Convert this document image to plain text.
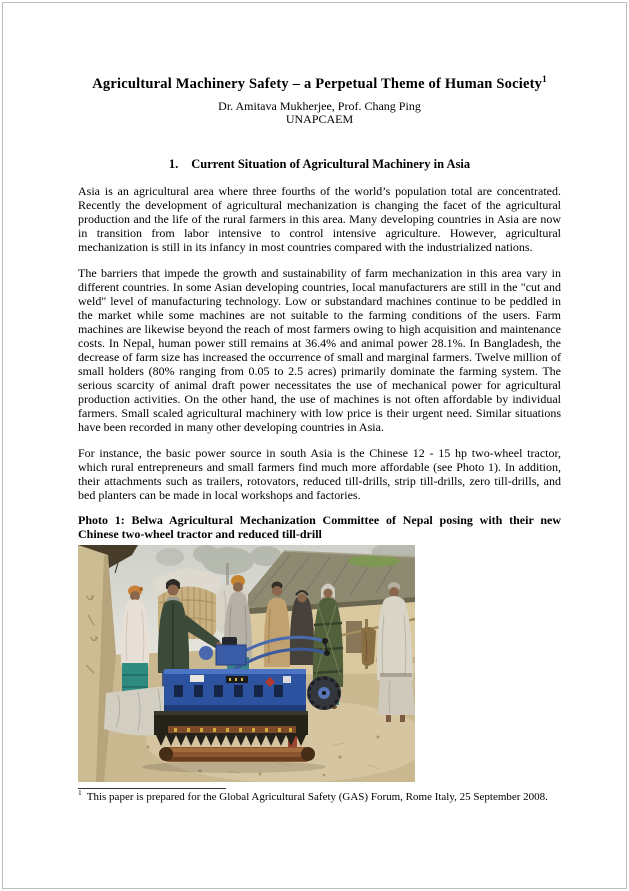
Agricultural Machinery Safety – a Perpetual Theme of Human Society$^1$
Dr. Amitava Mukherjee, Prof. Chang Ping
UNAPCAEM
1. Current Situation of Agricultural Machinery in Asia

Asia is an agricultural area where three fourths of the world’s population total are concentrated. Recently the development of agricultural mechanization is changing the facet of the agricultural production and the life of the rural farmers in this area. Many developing countries in Asia are now in transition from labor intensive to control intensive agriculture. However, agricultural mechanization is still in its infancy in most countries compared with the industrialized nations.

The barriers that impede the growth and sustainability of farm mechanization in this area vary in different countries. In some Asian developing countries, local manufacturers are still in the "cut and weld" level of manufacturing technology. Low or substandard machines continue to be peddled in the market while some machines are not suitable to the farming conditions of the users. Farm machines are likewise beyond the reach of most farmers owing to high acquisition and maintenance costs. In Nepal, human power still remains at 36.4% and animal power 28.1%. In Bangladesh, the decrease of farm size has increased the occurrence of small and marginal farmers. Twelve million of small holders (80% ranging from 0.05 to 2.5 acres) primarily dominate the farming system. The serious scarcity of animal draft power necessitates the use of mechanical power for agricultural production activities. On the other hand, the use of machines is not often affordable by individual farmers. Small scaled agricultural machinery with low price is their urgent need. Similar situations have been recorded in many other developing countries in Asia.

For instance, the basic power source in south Asia is the Chinese 12 - 15 hp two-wheel tractor, which rural entrepreneurs and small farmers find much more affordable (see Photo 1). In addition, their attachments such as trailers, rotovators, reduced till-drills, strip till-drills, zero till-drills, and bed planters can be made in local workshops and factories.

Photo 1: Belwa Agricultural Mechanization Committee of Nepal posing with their new Chinese two-wheel tractor and reduced till-drill

$^1$ This paper is prepared for the Global Agricultural Safety (GAS) Forum, Rome Italy, 25 September 2008.
